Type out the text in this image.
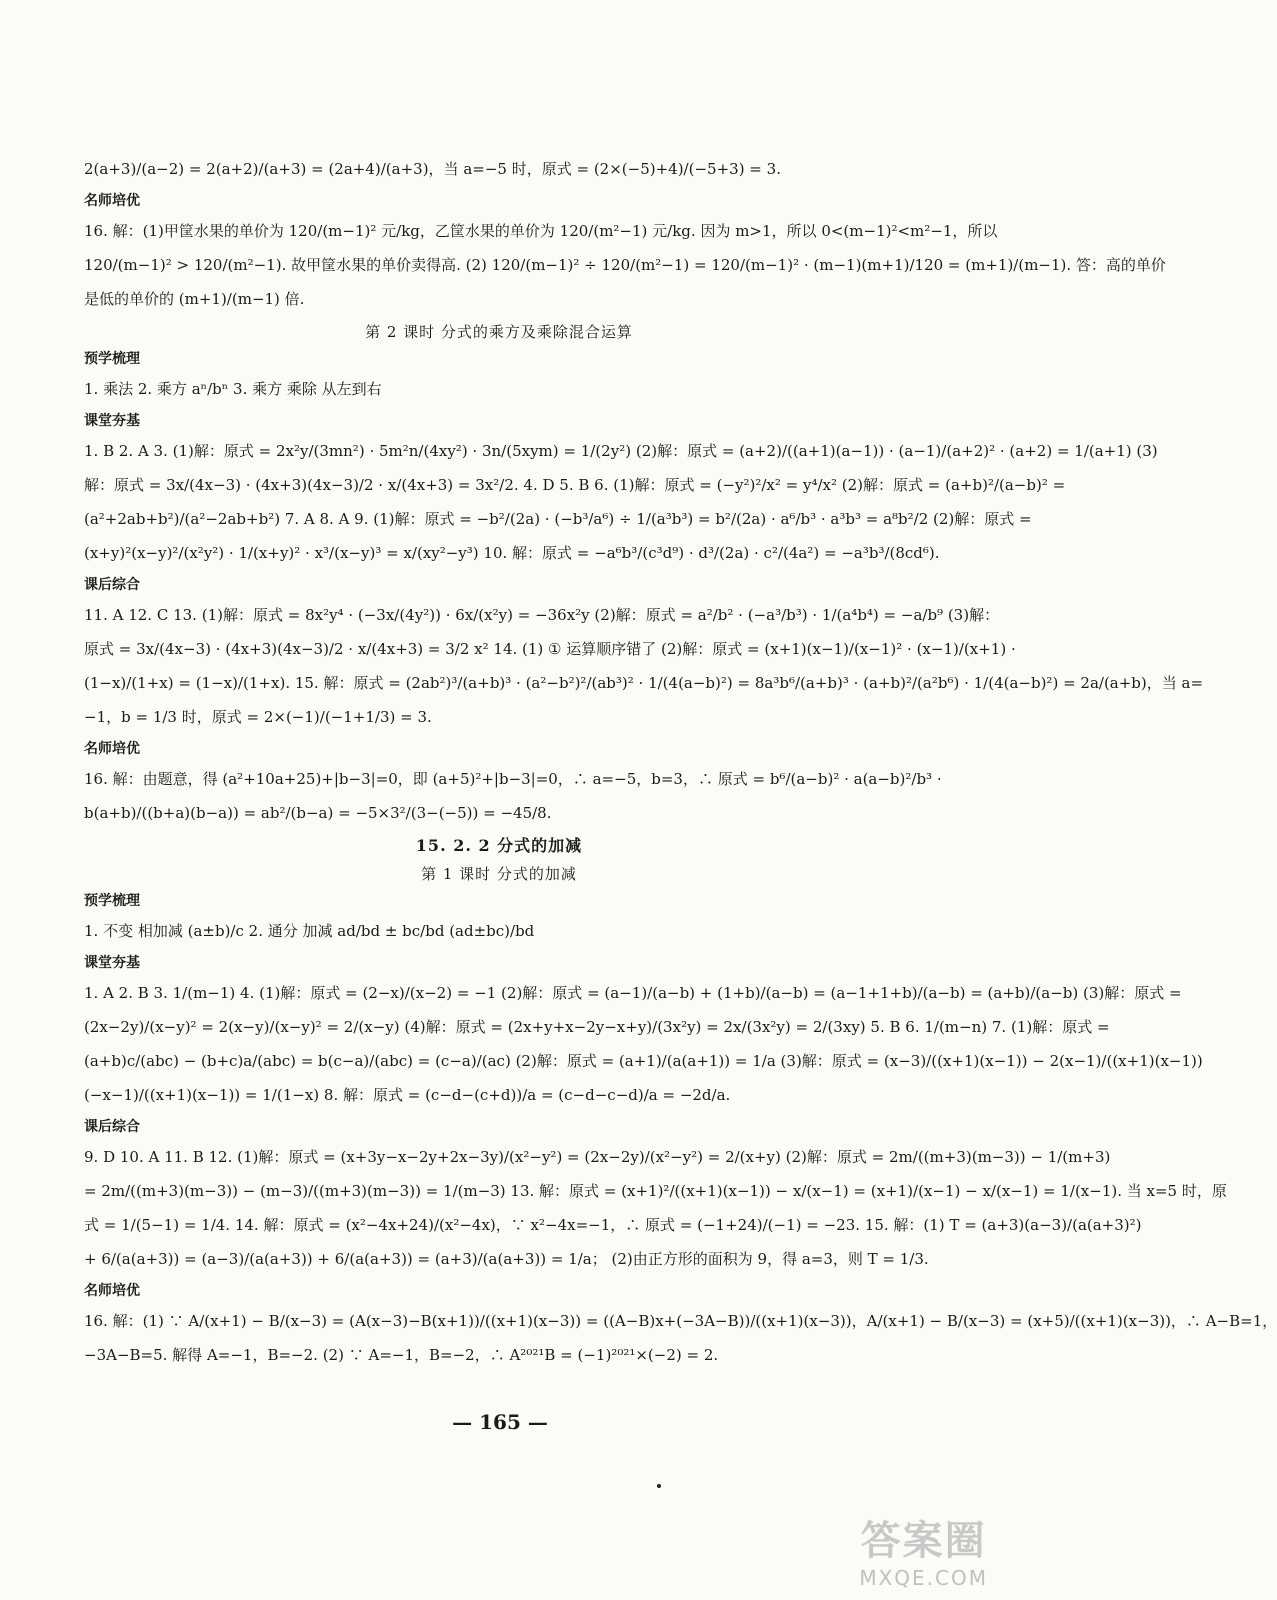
2(a+3)/(a−2) = 2(a+2)/(a+3) = (2a+4)/(a+3)，当 a=−5 时，原式 = (2×(−5)+4)/(−5+3) = 3.
名师培优
16. 解：(1)甲筐水果的单价为 120/(m−1)² 元/kg，乙筐水果的单价为 120/(m²−1) 元/kg. 因为 m>1，所以 0<(m−1)²<m²−1，所以
120/(m−1)² > 120/(m²−1). 故甲筐水果的单价卖得高. (2) 120/(m−1)² ÷ 120/(m²−1) = 120/(m−1)² · (m−1)(m+1)/120 = (m+1)/(m−1). 答：高的单价
是低的单价的 (m+1)/(m−1) 倍.
第 2 课时 分式的乘方及乘除混合运算
预学梳理
1. 乘法 2. 乘方 aⁿ/bⁿ 3. 乘方 乘除 从左到右
课堂夯基
1. B 2. A 3. (1)解：原式 = 2x²y/(3mn²) · 5m²n/(4xy²) · 3n/(5xym) = 1/(2y²) (2)解：原式 = (a+2)/((a+1)(a−1)) · (a−1)/(a+2)² · (a+2) = 1/(a+1) (3)
解：原式 = 3x/(4x−3) · (4x+3)(4x−3)/2 · x/(4x+3) = 3x²/2. 4. D 5. B 6. (1)解：原式 = (−y²)²/x² = y⁴/x² (2)解：原式 = (a+b)²/(a−b)² =
(a²+2ab+b²)/(a²−2ab+b²) 7. A 8. A 9. (1)解：原式 = −b²/(2a) · (−b³/a⁶) ÷ 1/(a³b³) = b²/(2a) · a⁶/b³ · a³b³ = a⁸b²/2 (2)解：原式 =
(x+y)²(x−y)²/(x²y²) · 1/(x+y)² · x³/(x−y)³ = x/(xy²−y³) 10. 解：原式 = −a⁶b³/(c³d⁹) · d³/(2a) · c²/(4a²) = −a³b³/(8cd⁶).
课后综合
11. A 12. C 13. (1)解：原式 = 8x²y⁴ · (−3x/(4y²)) · 6x/(x²y) = −36x²y (2)解：原式 = a²/b² · (−a³/b³) · 1/(a⁴b⁴) = −a/b⁹ (3)解：
原式 = 3x/(4x−3) · (4x+3)(4x−3)/2 · x/(4x+3) = 3/2 x² 14. (1) ① 运算顺序错了 (2)解：原式 = (x+1)(x−1)/(x−1)² · (x−1)/(x+1) ·
(1−x)/(1+x) = (1−x)/(1+x). 15. 解：原式 = (2ab²)³/(a+b)³ · (a²−b²)²/(ab³)² · 1/(4(a−b)²) = 8a³b⁶/(a+b)³ · (a+b)²/(a²b⁶) · 1/(4(a−b)²) = 2a/(a+b)，当 a=
−1，b = 1/3 时，原式 = 2×(−1)/(−1+1/3) = 3.
名师培优
16. 解：由题意，得 (a²+10a+25)+|b−3|=0，即 (a+5)²+|b−3|=0，∴ a=−5，b=3，∴ 原式 = b⁶/(a−b)² · a(a−b)²/b³ ·
b(a+b)/((b+a)(b−a)) = ab²/(b−a) = −5×3²/(3−(−5)) = −45/8.
15. 2. 2 分式的加减
第 1 课时 分式的加减
预学梳理
1. 不变 相加减 (a±b)/c 2. 通分 加减 ad/bd ± bc/bd (ad±bc)/bd
课堂夯基
1. A 2. B 3. 1/(m−1) 4. (1)解：原式 = (2−x)/(x−2) = −1 (2)解：原式 = (a−1)/(a−b) + (1+b)/(a−b) = (a−1+1+b)/(a−b) = (a+b)/(a−b) (3)解：原式 =
(2x−2y)/(x−y)² = 2(x−y)/(x−y)² = 2/(x−y) (4)解：原式 = (2x+y+x−2y−x+y)/(3x²y) = 2x/(3x²y) = 2/(3xy) 5. B 6. 1/(m−n) 7. (1)解：原式 =
(a+b)c/(abc) − (b+c)a/(abc) = b(c−a)/(abc) = (c−a)/(ac) (2)解：原式 = (a+1)/(a(a+1)) = 1/a (3)解：原式 = (x−3)/((x+1)(x−1)) − 2(x−1)/((x+1)(x−1))
(−x−1)/((x+1)(x−1)) = 1/(1−x) 8. 解：原式 = (c−d−(c+d))/a = (c−d−c−d)/a = −2d/a.
课后综合
9. D 10. A 11. B 12. (1)解：原式 = (x+3y−x−2y+2x−3y)/(x²−y²) = (2x−2y)/(x²−y²) = 2/(x+y) (2)解：原式 = 2m/((m+3)(m−3)) − 1/(m+3)
= 2m/((m+3)(m−3)) − (m−3)/((m+3)(m−3)) = 1/(m−3) 13. 解：原式 = (x+1)²/((x+1)(x−1)) − x/(x−1) = (x+1)/(x−1) − x/(x−1) = 1/(x−1). 当 x=5 时，原
式 = 1/(5−1) = 1/4. 14. 解：原式 = (x²−4x+24)/(x²−4x)，∵ x²−4x=−1，∴ 原式 = (−1+24)/(−1) = −23. 15. 解：(1) T = (a+3)(a−3)/(a(a+3)²)
+ 6/(a(a+3)) = (a−3)/(a(a+3)) + 6/(a(a+3)) = (a+3)/(a(a+3)) = 1/a； (2)由正方形的面积为 9，得 a=3，则 T = 1/3.
名师培优
16. 解：(1) ∵ A/(x+1) − B/(x−3) = (A(x−3)−B(x+1))/((x+1)(x−3)) = ((A−B)x+(−3A−B))/((x+1)(x−3))，A/(x+1) − B/(x−3) = (x+5)/((x+1)(x−3))，∴ A−B=1，
−3A−B=5. 解得 A=−1，B=−2. (2) ∵ A=−1，B=−2，∴ A²⁰²¹B = (−1)²⁰²¹×(−2) = 2.
— 165 —
答案圈
MXQE.COM
